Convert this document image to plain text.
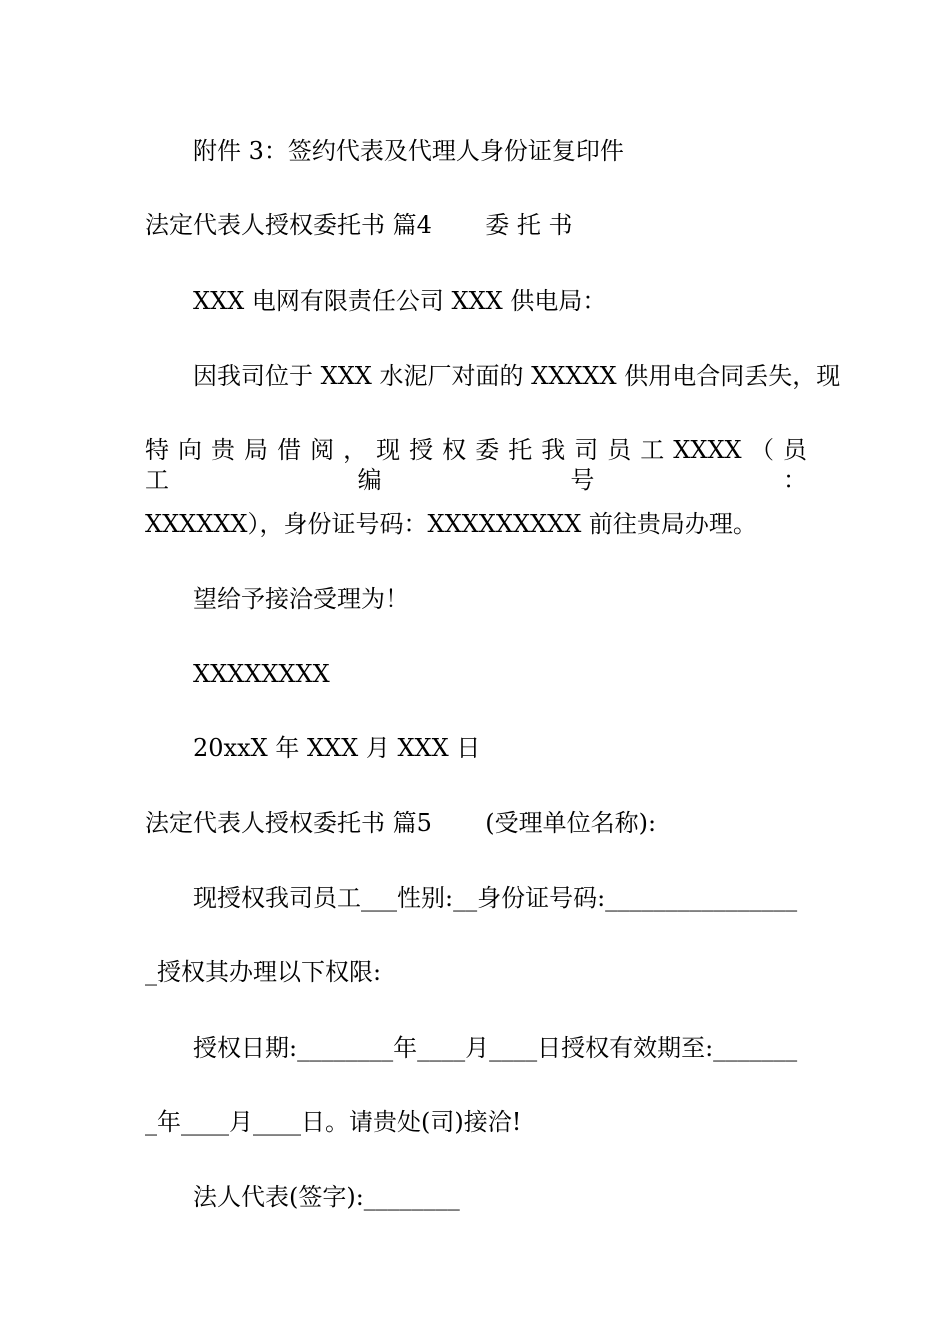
附件 3：签约代表及代理人身份证复印件
法定代表人授权委托书 篇4       委 托 书
XXX 电网有限责任公司 XXX 供电局：
因我司位于 XXX 水泥厂对面的 XXXXX 供用电合同丢失，现
特 向 贵 局 借 阅 ， 现 授 权 委 托 我 司 员 工 XXXX （ 员 工 编 号 ：
XXXXXX），身份证号码：XXXXXXXXX 前往贵局办理。
望给予接洽受理为！
XXXXXXXX
20xxX 年 XXX 月 XXX 日
法定代表人授权委托书 篇5       (受理单位名称):
现授权我司员工___性别:__身份证号码:________________
_授权其办理以下权限:
授权日期:________年____月____日授权有效期至:_______
_年____月____日。请贵处(司)接洽!
法人代表(签字):________
